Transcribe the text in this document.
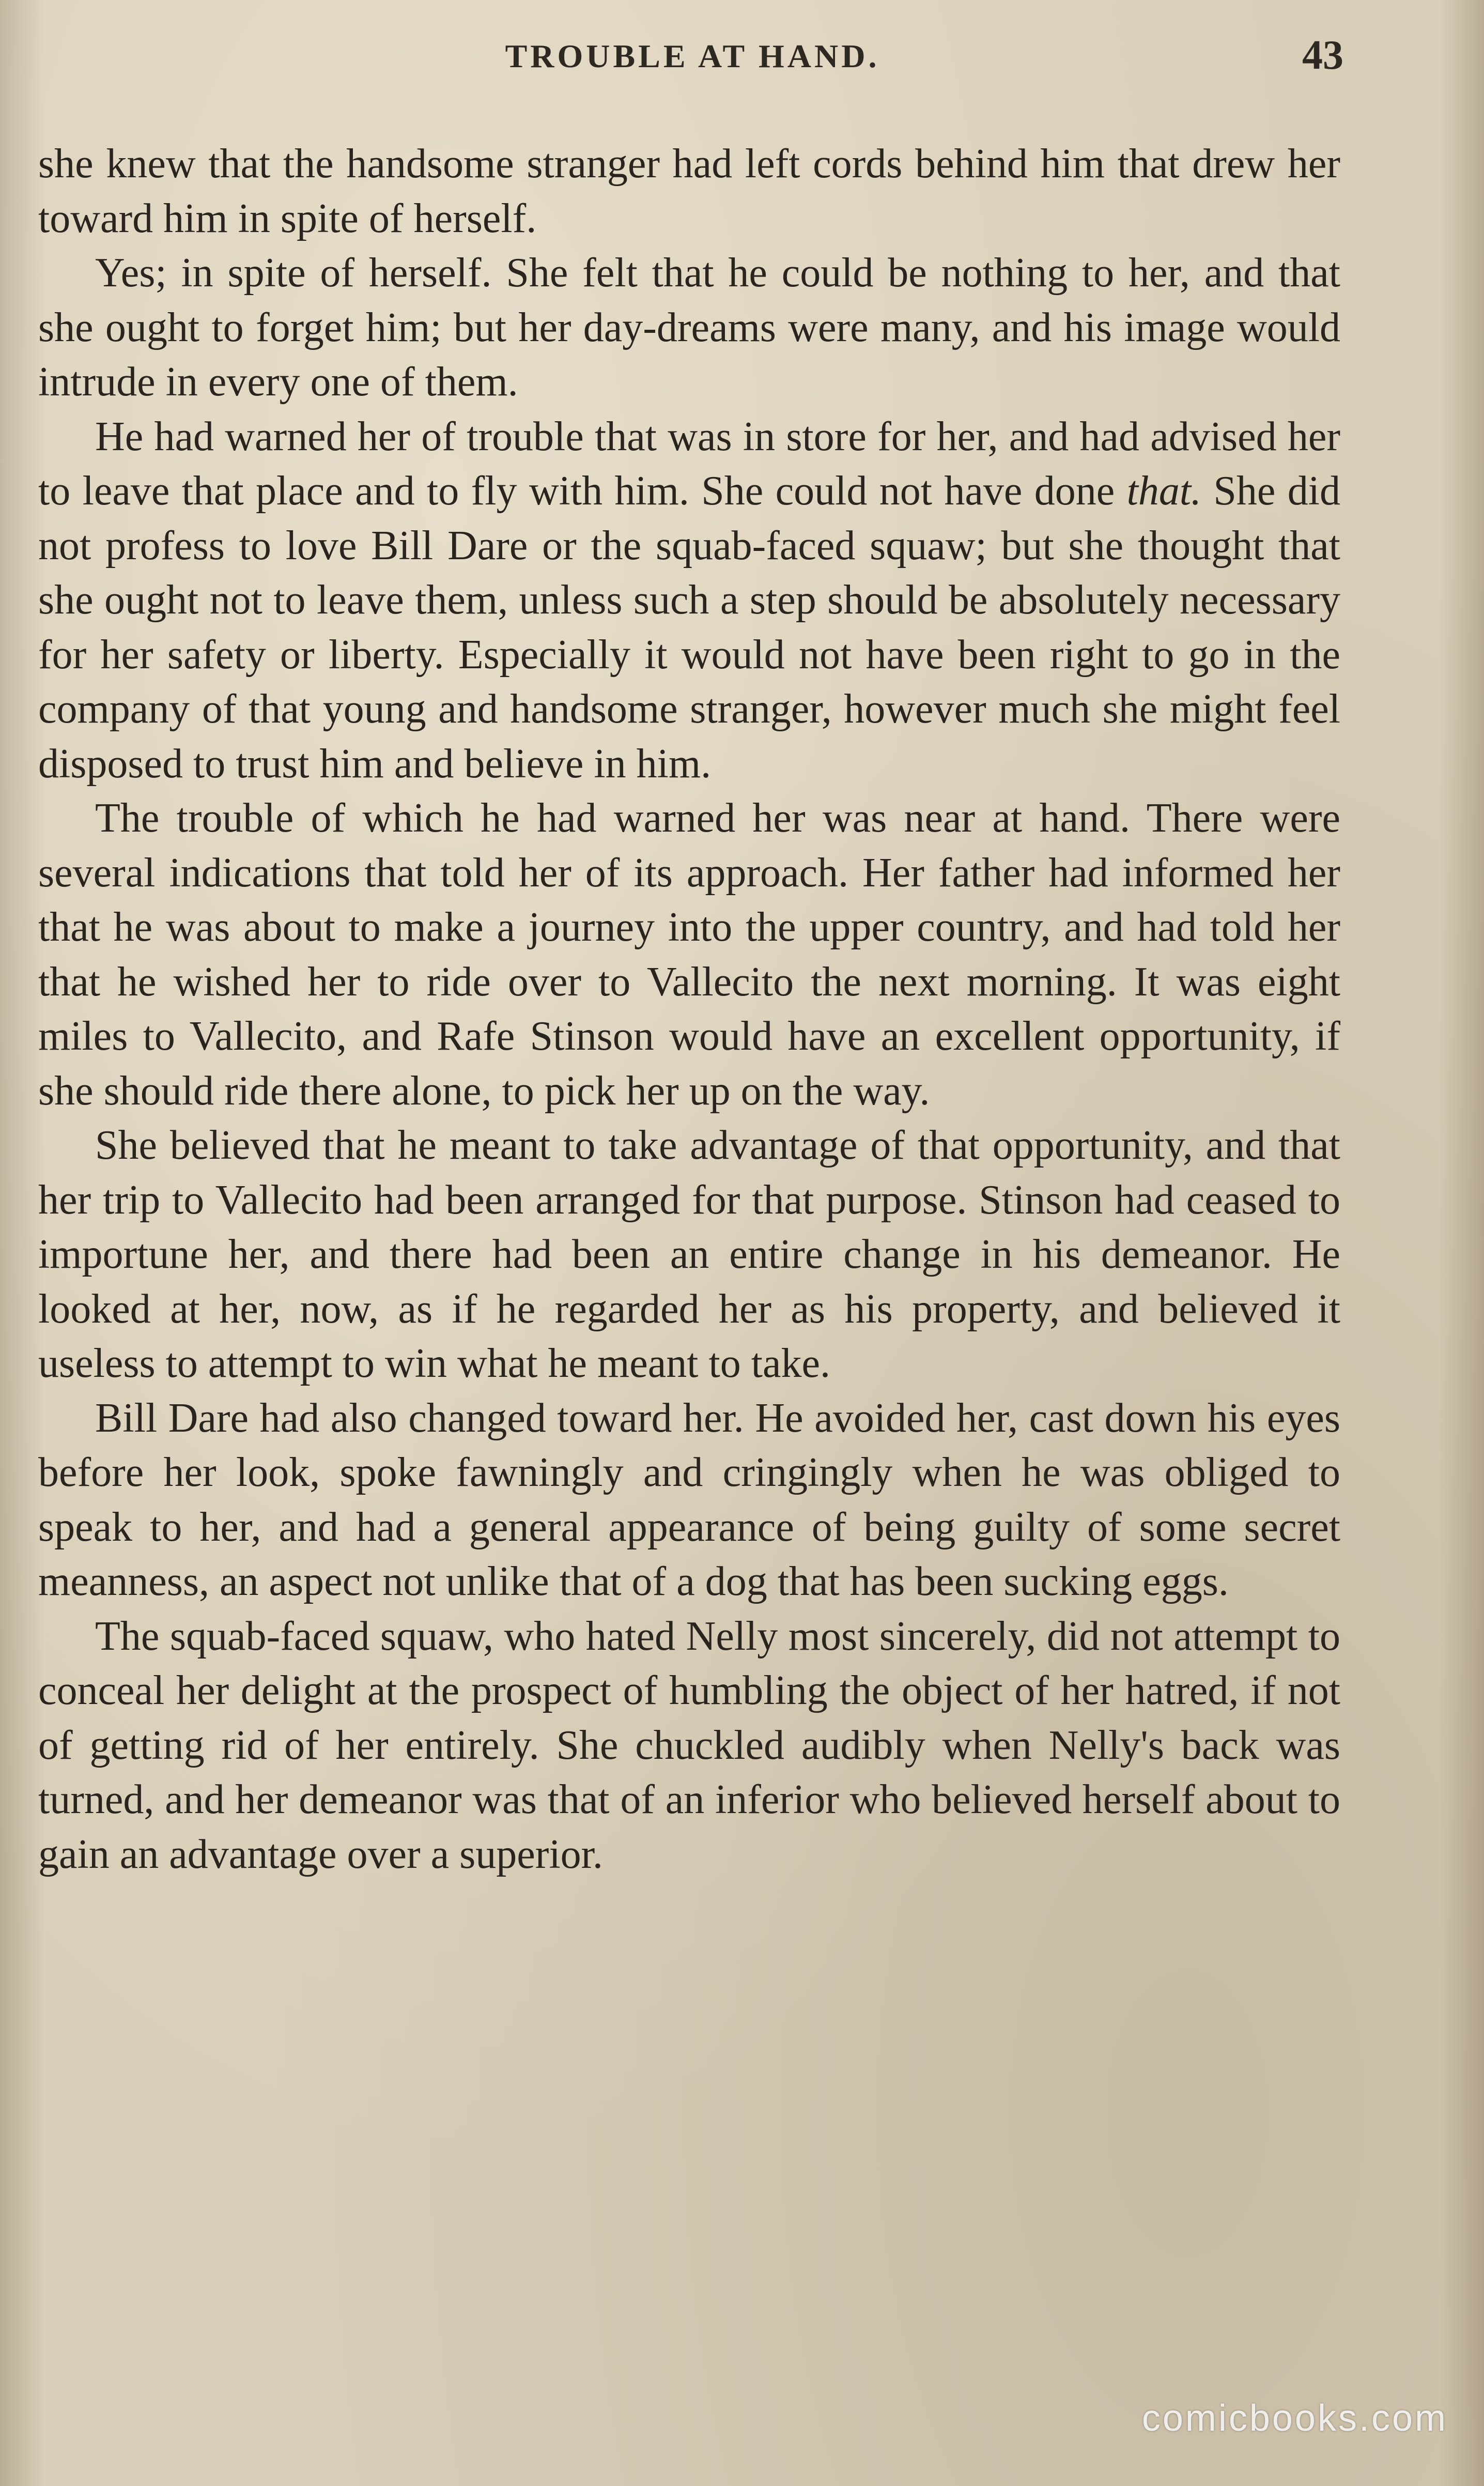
TROUBLE AT HAND.	43

she knew that the handsome stranger had left cords behind him that drew her toward him in spite of herself.

Yes; in spite of herself. She felt that he could be nothing to her, and that she ought to forget him; but her day-dreams were many, and his image would intrude in every one of them.

He had warned her of trouble that was in store for her, and had advised her to leave that place and to fly with him. She could not have done that. She did not profess to love Bill Dare or the squab-faced squaw; but she thought that she ought not to leave them, unless such a step should be absolutely necessary for her safety or liberty. Especially it would not have been right to go in the company of that young and handsome stranger, however much she might feel disposed to trust him and believe in him.

The trouble of which he had warned her was near at hand. There were several indications that told her of its approach. Her father had informed her that he was about to make a journey into the upper country, and had told her that he wished her to ride over to Vallecito the next morning. It was eight miles to Vallecito, and Rafe Stinson would have an excellent opportunity, if she should ride there alone, to pick her up on the way.

She believed that he meant to take advantage of that opportunity, and that her trip to Vallecito had been arranged for that purpose. Stinson had ceased to importune her, and there had been an entire change in his demeanor. He looked at her, now, as if he regarded her as his property, and believed it useless to attempt to win what he meant to take.

Bill Dare had also changed toward her. He avoided her, cast down his eyes before her look, spoke fawningly and cringingly when he was obliged to speak to her, and had a general appearance of being guilty of some secret meanness, an aspect not unlike that of a dog that has been sucking eggs.

The squab-faced squaw, who hated Nelly most sincerely, did not attempt to conceal her delight at the prospect of humbling the object of her hatred, if not of getting rid of her entirely. She chuckled audibly when Nelly's back was turned, and her demeanor was that of an inferior who believed herself about to gain an advantage over a superior.

comicbooks.com
